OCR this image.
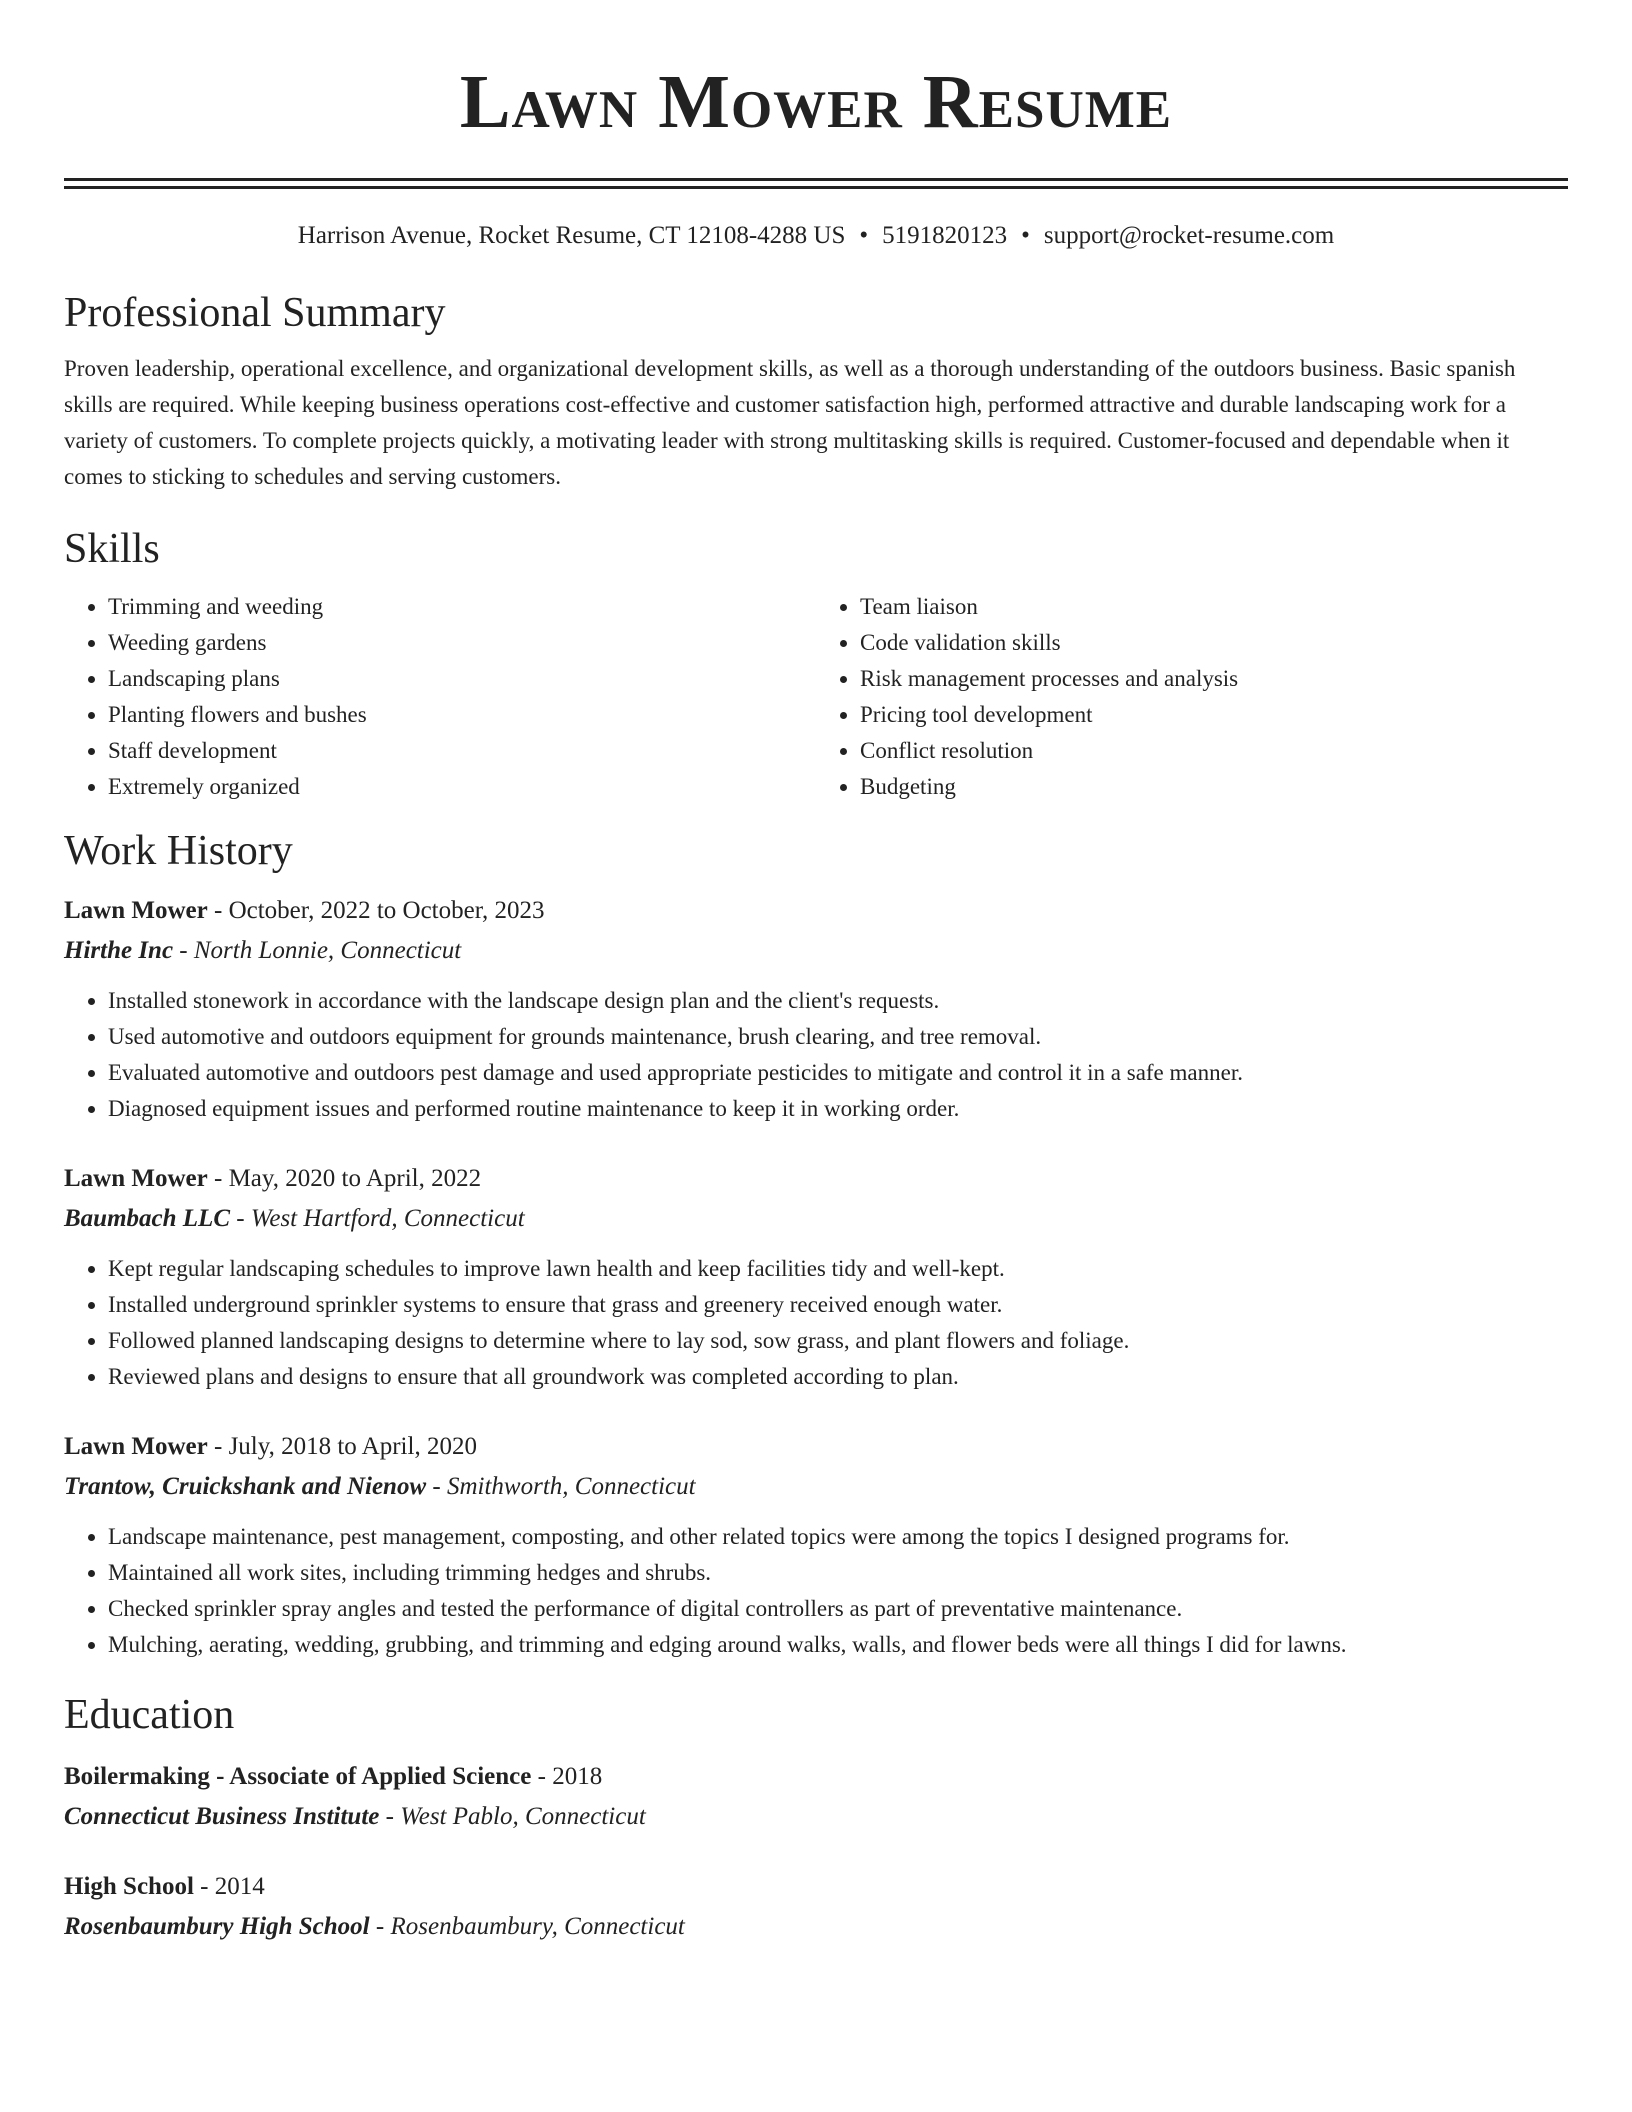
Lawn Mower Resume
Harrison Avenue, Rocket Resume, CT 12108-4288 US • 5191820123 • support@rocket-resume.com
Professional Summary
Proven leadership, operational excellence, and organizational development skills, as well as a thorough understanding of the outdoors business. Basic spanish skills are required. While keeping business operations cost-effective and customer satisfaction high, performed attractive and durable landscaping work for a variety of customers. To complete projects quickly, a motivating leader with strong multitasking skills is required. Customer-focused and dependable when it comes to sticking to schedules and serving customers.
Skills
• Trimming and weeding
• Weeding gardens
• Landscaping plans
• Planting flowers and bushes
• Staff development
• Extremely organized
• Team liaison
• Code validation skills
• Risk management processes and analysis
• Pricing tool development
• Conflict resolution
• Budgeting
Work History
Lawn Mower - October, 2022 to October, 2023
Hirthe Inc - North Lonnie, Connecticut
• Installed stonework in accordance with the landscape design plan and the client's requests.
• Used automotive and outdoors equipment for grounds maintenance, brush clearing, and tree removal.
• Evaluated automotive and outdoors pest damage and used appropriate pesticides to mitigate and control it in a safe manner.
• Diagnosed equipment issues and performed routine maintenance to keep it in working order.
Lawn Mower - May, 2020 to April, 2022
Baumbach LLC - West Hartford, Connecticut
• Kept regular landscaping schedules to improve lawn health and keep facilities tidy and well-kept.
• Installed underground sprinkler systems to ensure that grass and greenery received enough water.
• Followed planned landscaping designs to determine where to lay sod, sow grass, and plant flowers and foliage.
• Reviewed plans and designs to ensure that all groundwork was completed according to plan.
Lawn Mower - July, 2018 to April, 2020
Trantow, Cruickshank and Nienow - Smithworth, Connecticut
• Landscape maintenance, pest management, composting, and other related topics were among the topics I designed programs for.
• Maintained all work sites, including trimming hedges and shrubs.
• Checked sprinkler spray angles and tested the performance of digital controllers as part of preventative maintenance.
• Mulching, aerating, wedding, grubbing, and trimming and edging around walks, walls, and flower beds were all things I did for lawns.
Education
Boilermaking - Associate of Applied Science - 2018
Connecticut Business Institute - West Pablo, Connecticut
High School - 2014
Rosenbaumbury High School - Rosenbaumbury, Connecticut
